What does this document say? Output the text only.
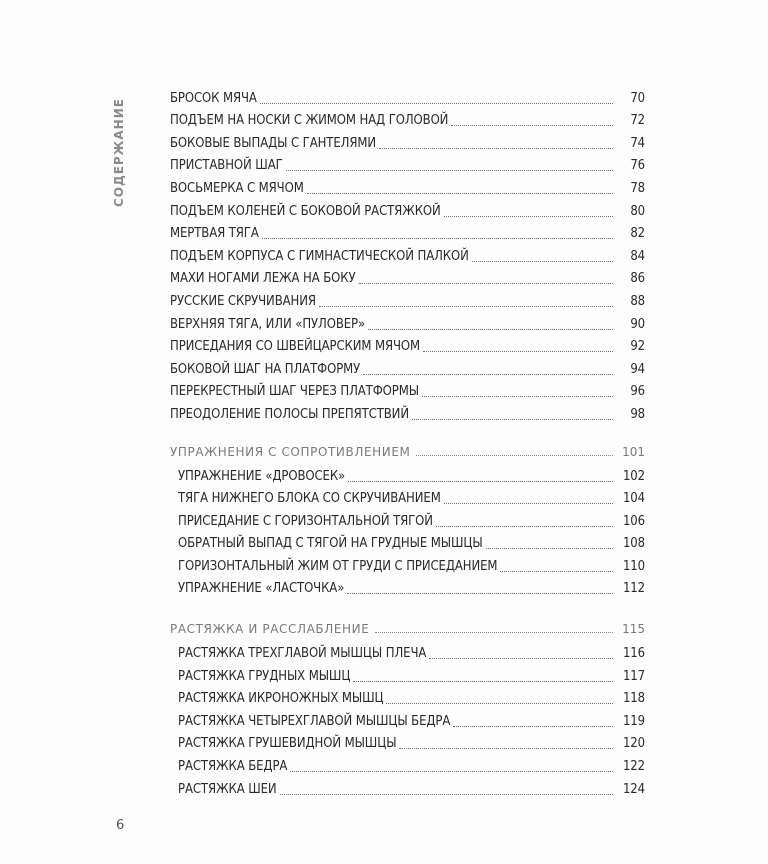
СОДЕРЖАНИЕ
БРОСОК МЯЧА	70
ПОДЪЕМ НА НОСКИ С ЖИМОМ НАД ГОЛОВОЙ	72
БОКОВЫЕ ВЫПАДЫ С ГАНТЕЛЯМИ	74
ПРИСТАВНОЙ ШАГ	76
ВОСЬМЕРКА С МЯЧОМ	78
ПОДЪЕМ КОЛЕНЕЙ С БОКОВОЙ РАСТЯЖКОЙ	80
МЕРТВАЯ ТЯГА	82
ПОДЪЕМ КОРПУСА С ГИМНАСТИЧЕСКОЙ ПАЛКОЙ	84
МАХИ НОГАМИ ЛЕЖА НА БОКУ	86
РУССКИЕ СКРУЧИВАНИЯ	88
ВЕРХНЯЯ ТЯГА, ИЛИ «ПУЛОВЕР»	90
ПРИСЕДАНИЯ СО ШВЕЙЦАРСКИМ МЯЧОМ	92
БОКОВОЙ ШАГ НА ПЛАТФОРМУ	94
ПЕРЕКРЕСТНЫЙ ШАГ ЧЕРЕЗ ПЛАТФОРМЫ	96
ПРЕОДОЛЕНИЕ ПОЛОСЫ ПРЕПЯТСТВИЙ	98
УПРАЖНЕНИЯ С СОПРОТИВЛЕНИЕМ	101
УПРАЖНЕНИЕ «ДРОВОСЕК»	102
ТЯГА НИЖНЕГО БЛОКА СО СКРУЧИВАНИЕМ	104
ПРИСЕДАНИЕ С ГОРИЗОНТАЛЬНОЙ ТЯГОЙ	106
ОБРАТНЫЙ ВЫПАД С ТЯГОЙ НА ГРУДНЫЕ МЫШЦЫ	108
ГОРИЗОНТАЛЬНЫЙ ЖИМ ОТ ГРУДИ С ПРИСЕДАНИЕМ	110
УПРАЖНЕНИЕ «ЛАСТОЧКА»	112
РАСТЯЖКА И РАССЛАБЛЕНИЕ	115
РАСТЯЖКА ТРЕХГЛАВОЙ МЫШЦЫ ПЛЕЧА	116
РАСТЯЖКА ГРУДНЫХ МЫШЦ	117
РАСТЯЖКА ИКРОНОЖНЫХ МЫШЦ	118
РАСТЯЖКА ЧЕТЫРЕХГЛАВОЙ МЫШЦЫ БЕДРА	119
РАСТЯЖКА ГРУШЕВИДНОЙ МЫШЦЫ	120
РАСТЯЖКА БЕДРА	122
РАСТЯЖКА ШЕИ	124
6
